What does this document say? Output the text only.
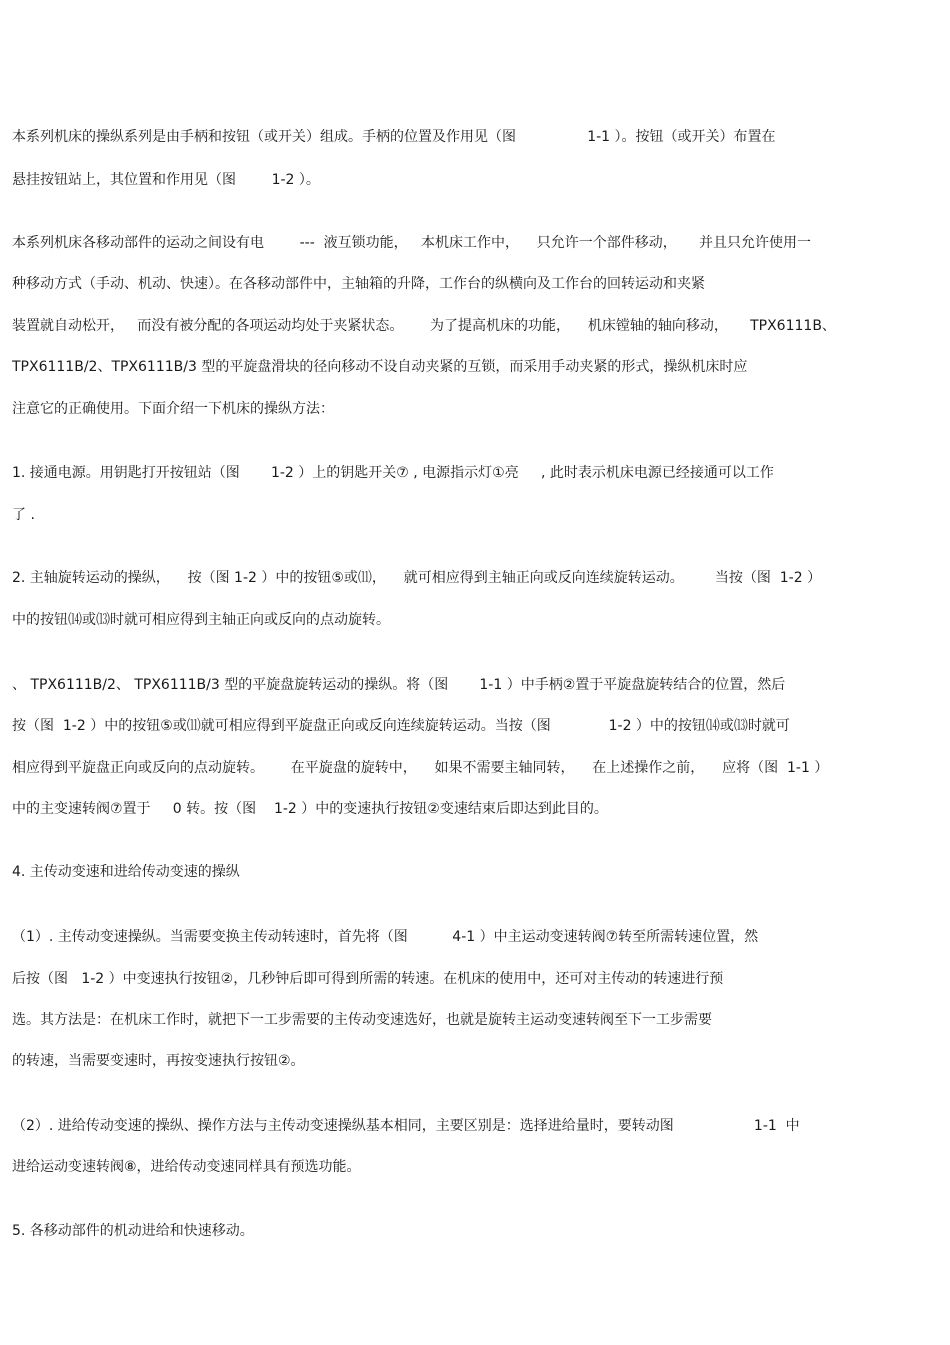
本系列机床的操纵系列是由手柄和按钮（或开关）组成。手柄的位置及作用见（图                1-1 ）。按钮（或开关）布置在
悬挂按钮站上，其位置和作用见（图        1-2 ）。
本系列机床各移动部件的运动之间设有电        ---  液互锁功能，   本机床工作中，    只允许一个部件移动，     并且只允许使用一
种移动方式（手动、机动、快速）。在各移动部件中，主轴箱的升降，工作台的纵横向及工作台的回转运动和夹紧
装置就自动松开，   而没有被分配的各项运动均处于夹紧状态。      为了提高机床的功能，    机床镗轴的轴向移动，     TPX6111B、
TPX6111B/2、TPX6111B/3 型的平旋盘滑块的径向移动不设自动夹紧的互锁，而采用手动夹紧的形式，操纵机床时应
注意它的正确使用。下面介绍一下机床的操纵方法：
1. 接通电源。用钥匙打开按钮站（图       1-2 ）上的钥匙开关⑦ , 电源指示灯①亮     , 此时表示机床电源已经接通可以工作
了 .
2. 主轴旋转运动的操纵，    按（图 1-2 ）中的按钮⑤或⑾，    就可相应得到主轴正向或反向连续旋转运动。       当按（图  1-2 ）
中的按钮⒁或⒀时就可相应得到主轴正向或反向的点动旋转。
、 TPX6111B/2、 TPX6111B/3 型的平旋盘旋转运动的操纵。将（图       1-1 ）中手柄②置于平旋盘旋转结合的位置，然后
按（图  1-2 ）中的按钮⑤或⑾就可相应得到平旋盘正向或反向连续旋转运动。当按（图             1-2 ）中的按钮⒁或⒀时就可
相应得到平旋盘正向或反向的点动旋转。      在平旋盘的旋转中，    如果不需要主轴同转，    在上述操作之前，    应将（图  1-1 ）
中的主变速转阀⑦置于     0 转。按（图    1-2 ）中的变速执行按钮②变速结束后即达到此目的。
4. 主传动变速和进给传动变速的操纵
（1）. 主传动变速操纵。当需要变换主传动转速时，首先将（图          4-1 ）中主运动变速转阀⑦转至所需转速位置，然
后按（图   1-2 ）中变速执行按钮②，几秒钟后即可得到所需的转速。在机床的使用中，还可对主传动的转速进行预
选。其方法是：在机床工作时，就把下一工步需要的主传动变速选好，也就是旋转主运动变速转阀至下一工步需要
的转速，当需要变速时，再按变速执行按钮②。
（2）. 进给传动变速的操纵、操作方法与主传动变速操纵基本相同，主要区别是：选择进给量时，要转动图                  1-1  中
进给运动变速转阀⑧，进给传动变速同样具有预选功能。
5. 各移动部件的机动进给和快速移动。
